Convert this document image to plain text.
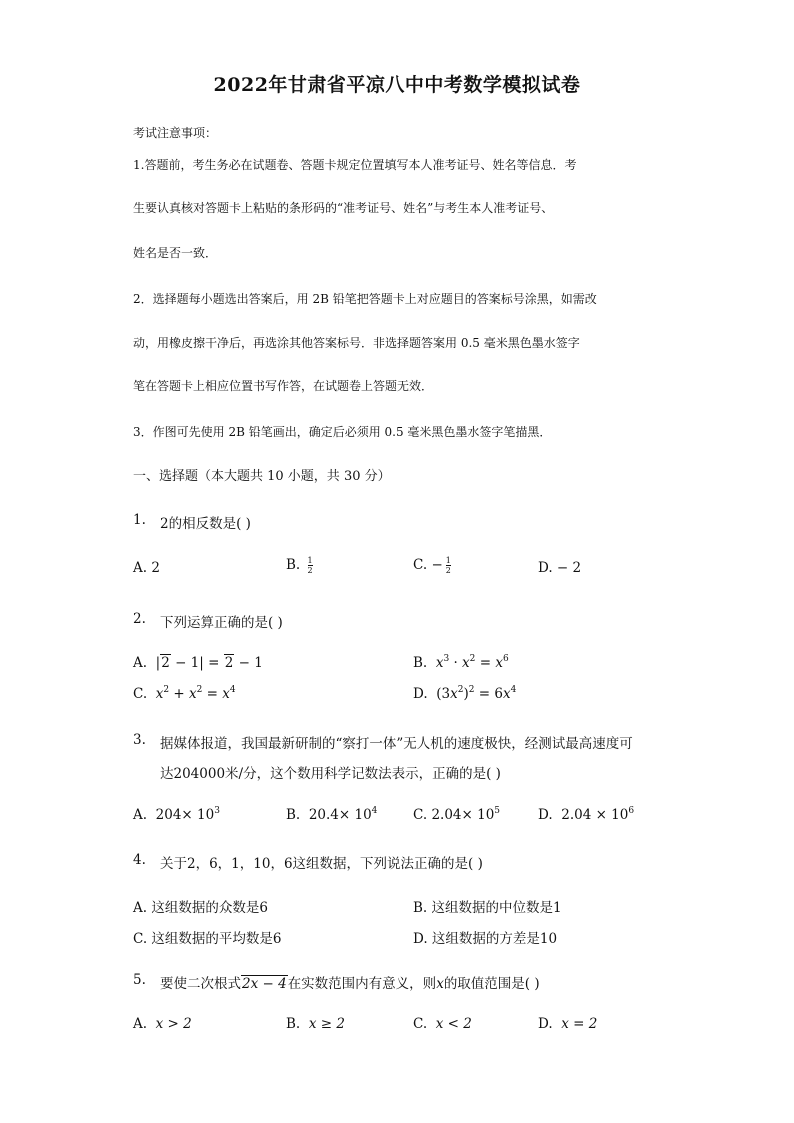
2022年甘肃省平凉八中中考数学模拟试卷
考试注意事项：
1.答题前，考生务必在试题卷、答题卡规定位置填写本人准考证号、姓名等信息．考
生要认真核对答题卡上粘贴的条形码的“准考证号、姓名”与考生本人准考证号、
姓名是否一致．
2．选择题每小题选出答案后，用 2B 铅笔把答题卡上对应题目的答案标号涂黑，如需改
动，用橡皮擦干净后，再选涂其他答案标号．非选择题答案用 0.5 毫米黑色墨水签字
笔在答题卡上相应位置书写作答，在试题卷上答题无效．
3．作图可先使用 2B 铅笔画出，确定后必须用 0.5 毫米黑色墨水签字笔描黑．
一、选择题（本大题共 10 小题，共 30 分）
1. 2的相反数是( )
A. 2	B. $\frac{1}{2}$	C. − $\frac{1}{2}$	D. − 2
2. 下列运算正确的是( )
A.  |2 − 1| = 2 − 1	B. $x^3 \cdot x^2 = x^6$
C. $x^2 + x^2 = x^4$	D.  $(3x^2)^2 = 6x^4$
3. 据媒体报道，我国最新研制的“察打一体”无人机的速度极快，经测试最高速度可
达204000米/分，这个数用科学记数法表示，正确的是( )
A. $204\times 10^3$	B. $20.4\times 10^4$	C. $2.04\times 10^5$	D. $2.04 \times 10^6$
4. 关于2，6，1，10，6这组数据，下列说法正确的是( )
A. 这组数据的众数是6	B. 这组数据的中位数是1
C. 这组数据的平均数是6	D. 这组数据的方差是10
5. 要使二次根式2x − 4在实数范围内有意义，则x的取值范围是( )
A. x > 2	B. x ≥ 2	C. x < 2	D. x = 2
